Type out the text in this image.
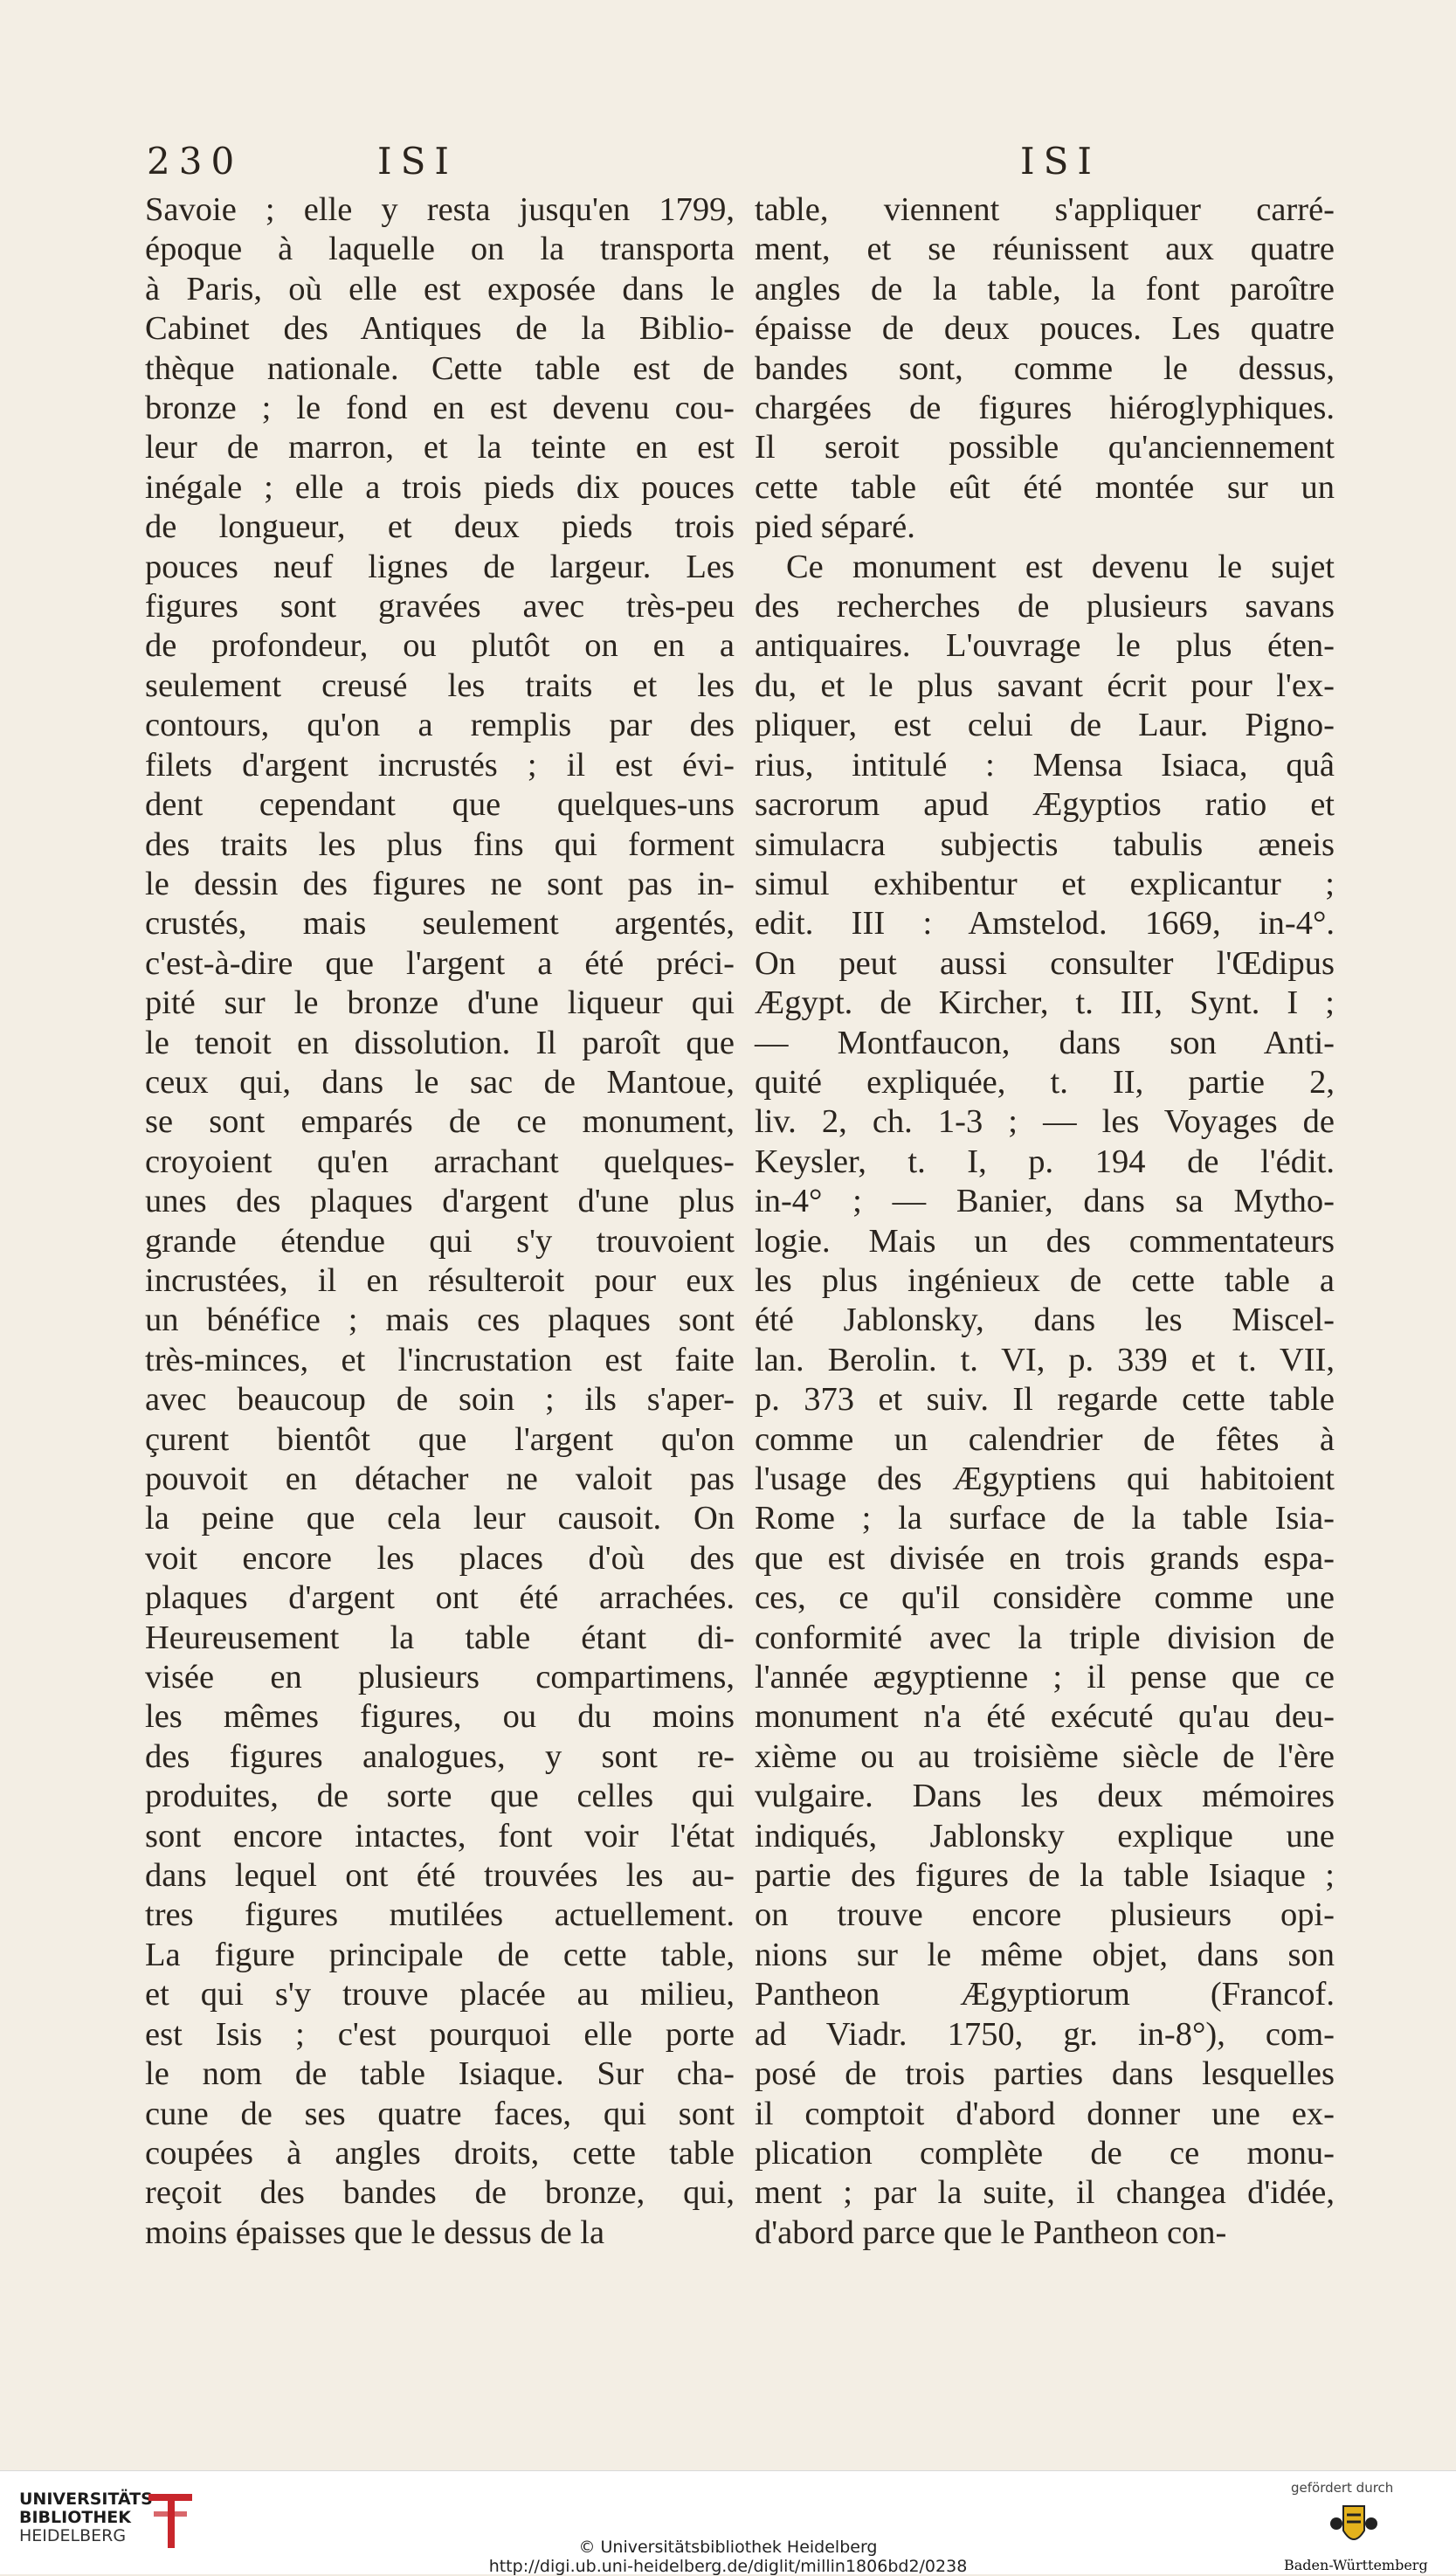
230	ISI	ISI
Savoie ; elle y resta jusqu'en 1799,
époque à laquelle on la transporta
à Paris, où elle est exposée dans le
Cabinet des Antiques de la Biblio-
thèque nationale. Cette table est de
bronze ; le fond en est devenu cou-
leur de marron, et la teinte en est
inégale ; elle a trois pieds dix pouces
de longueur, et deux pieds trois
pouces neuf lignes de largeur. Les
figures sont gravées avec très-peu
de profondeur, ou plutôt on en a
seulement creusé les traits et les
contours, qu'on a remplis par des
filets d'argent incrustés ; il est évi-
dent cependant que quelques-uns
des traits les plus fins qui forment
le dessin des figures ne sont pas in-
crustés, mais seulement argentés,
c'est-à-dire que l'argent a été préci-
pité sur le bronze d'une liqueur qui
le tenoit en dissolution. Il paroît que
ceux qui, dans le sac de Mantoue,
se sont emparés de ce monument,
croyoient qu'en arrachant quelques-
unes des plaques d'argent d'une plus
grande étendue qui s'y trouvoient
incrustées, il en résulteroit pour eux
un bénéfice ; mais ces plaques sont
très-minces, et l'incrustation est faite
avec beaucoup de soin ; ils s'aper-
çurent bientôt que l'argent qu'on
pouvoit en détacher ne valoit pas
la peine que cela leur causoit. On
voit encore les places d'où des
plaques d'argent ont été arrachées.
Heureusement la table étant di-
visée en plusieurs compartimens,
les mêmes figures, ou du moins
des figures analogues, y sont re-
produites, de sorte que celles qui
sont encore intactes, font voir l'état
dans lequel ont été trouvées les au-
tres figures mutilées actuellement.
La figure principale de cette table,
et qui s'y trouve placée au milieu,
est Isis ; c'est pourquoi elle porte
le nom de table Isiaque. Sur cha-
cune de ses quatre faces, qui sont
coupées à angles droits, cette table
reçoit des bandes de bronze, qui,
moins épaisses que le dessus de la
table, viennent s'appliquer carré-
ment, et se réunissent aux quatre
angles de la table, la font paroître
épaisse de deux pouces. Les quatre
bandes sont, comme le dessus,
chargées de figures hiéroglyphiques.
Il seroit possible qu'anciennement
cette table eût été montée sur un
pied séparé.
Ce monument est devenu le sujet
des recherches de plusieurs savans
antiquaires. L'ouvrage le plus éten-
du, et le plus savant écrit pour l'ex-
pliquer, est celui de Laur. Pigno-
rius, intitulé : Mensa Isiaca, quâ
sacrorum apud Ægyptios ratio et
simulacra subjectis tabulis æneis
simul exhibentur et explicantur ;
edit. III : Amstelod. 1669, in-4°.
On peut aussi consulter l'Œdipus
Ægypt. de Kircher, t. III, Synt. I ;
— Montfaucon, dans son Anti-
quité expliquée, t. II, partie 2,
liv. 2, ch. 1-3 ; — les Voyages de
Keysler, t. I, p. 194 de l'édit.
in-4° ; — Banier, dans sa Mytho-
logie. Mais un des commentateurs
les plus ingénieux de cette table a
été Jablonsky, dans les Miscel-
lan. Berolin. t. VI, p. 339 et t. VII,
p. 373 et suiv. Il regarde cette table
comme un calendrier de fêtes à
l'usage des Ægyptiens qui habitoient
Rome ; la surface de la table Isia-
que est divisée en trois grands espa-
ces, ce qu'il considère comme une
conformité avec la triple division de
l'année ægyptienne ; il pense que ce
monument n'a été exécuté qu'au deu-
xième ou au troisième siècle de l'ère
vulgaire. Dans les deux mémoires
indiqués, Jablonsky explique une
partie des figures de la table Isiaque ;
on trouve encore plusieurs opi-
nions sur le même objet, dans son
Pantheon Ægyptiorum (Francof.
ad Viadr. 1750, gr. in-8°), com-
posé de trois parties dans lesquelles
il comptoit d'abord donner une ex-
plication complète de ce monu-
ment ; par la suite, il changea d'idée,
d'abord parce que le Pantheon con-
UNIVERSITÄTS-
BIBLIOTHEK
HEIDELBERG
© Universitätsbibliothek Heidelberg
http://digi.ub.uni-heidelberg.de/diglit/millin1806bd2/0238
gefördert durch
Baden-Württemberg
